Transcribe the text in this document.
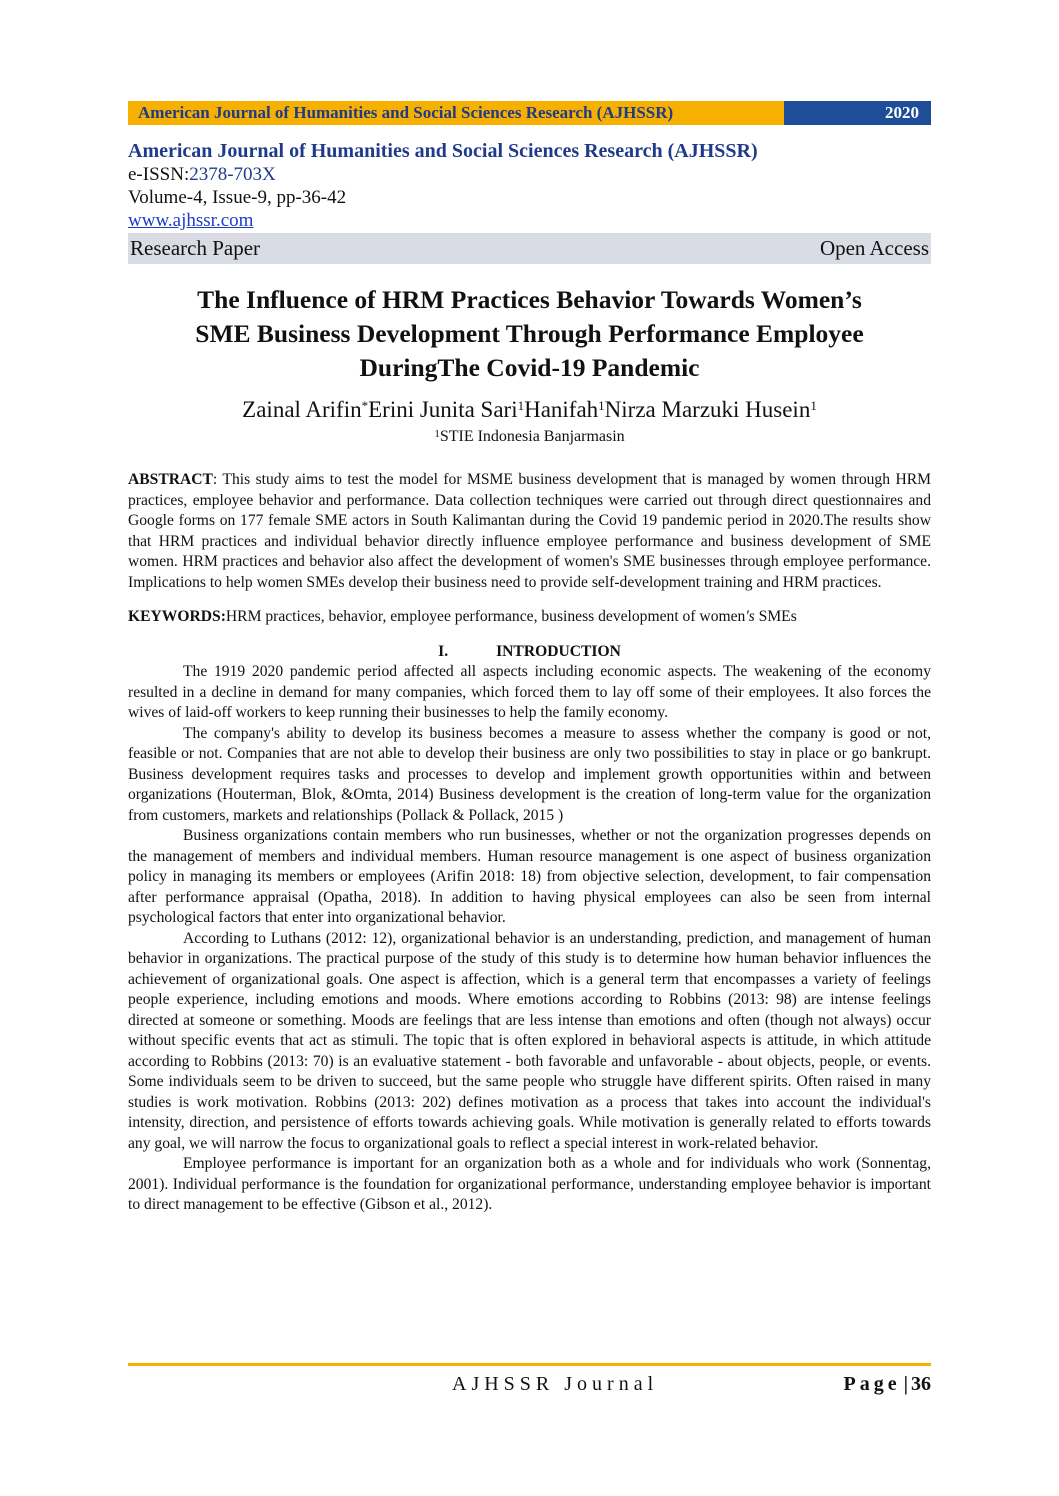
American Journal of Humanities and Social Sciences Research (AJHSSR)	2020
American Journal of Humanities and Social Sciences Research (AJHSSR)
e-ISSN:2378-703X
Volume-4, Issue-9, pp-36-42
www.ajhssr.com
Research Paper	Open Access
The Influence of HRM Practices Behavior Towards Women’s
SME Business Development Through Performance Employee
DuringThe Covid-19 Pandemic
Zainal Arifin*Erini Junita Sari$^1$Hanifah$^1$Nirza Marzuki Husein$^1$
$^1$STIE Indonesia Banjarmasin

ABSTRACT: This study aims to test the model for MSME business development that is managed by women through HRM practices, employee behavior and performance. Data collection techniques were carried out through direct questionnaires and Google forms on 177 female SME actors in South Kalimantan during the Covid 19 pandemic period in 2020.The results show that HRM practices and individual behavior directly influence employee performance and business development of SME women. HRM practices and behavior also affect the development of women's SME businesses through employee performance. Implications to help women SMEs develop their business need to provide self-development training and HRM practices.

KEYWORDS:HRM practices, behavior, employee performance, business development of women's SMEs

I.	INTRODUCTION

The 1919 2020 pandemic period affected all aspects including economic aspects. The weakening of the economy resulted in a decline in demand for many companies, which forced them to lay off some of their employees. It also forces the wives of laid-off workers to keep running their businesses to help the family economy.

The company's ability to develop its business becomes a measure to assess whether the company is good or not, feasible or not. Companies that are not able to develop their business are only two possibilities to stay in place or go bankrupt. Business development requires tasks and processes to develop and implement growth opportunities within and between organizations (Houterman, Blok, &Omta, 2014) Business development is the creation of long-term value for the organization from customers, markets and relationships (Pollack & Pollack, 2015 )

Business organizations contain members who run businesses, whether or not the organization progresses depends on the management of members and individual members. Human resource management is one aspect of business organization policy in managing its members or employees (Arifin 2018: 18) from objective selection, development, to fair compensation after performance appraisal (Opatha, 2018). In addition to having physical employees can also be seen from internal psychological factors that enter into organizational behavior.

According to Luthans (2012: 12), organizational behavior is an understanding, prediction, and management of human behavior in organizations. The practical purpose of the study of this study is to determine how human behavior influences the achievement of organizational goals. One aspect is affection, which is a general term that encompasses a variety of feelings people experience, including emotions and moods. Where emotions according to Robbins (2013: 98) are intense feelings directed at someone or something. Moods are feelings that are less intense than emotions and often (though not always) occur without specific events that act as stimuli. The topic that is often explored in behavioral aspects is attitude, in which attitude according to Robbins (2013: 70) is an evaluative statement - both favorable and unfavorable - about objects, people, or events. Some individuals seem to be driven to succeed, but the same people who struggle have different spirits. Often raised in many studies is work motivation. Robbins (2013: 202) defines motivation as a process that takes into account the individual's intensity, direction, and persistence of efforts towards achieving goals. While motivation is generally related to efforts towards any goal, we will narrow the focus to organizational goals to reflect a special interest in work-related behavior.

Employee performance is important for an organization both as a whole and for individuals who work (Sonnentag, 2001). Individual performance is the foundation for organizational performance, understanding employee behavior is important to direct management to be effective (Gibson et al., 2012).

AJHSSR Journal	Page | 36
